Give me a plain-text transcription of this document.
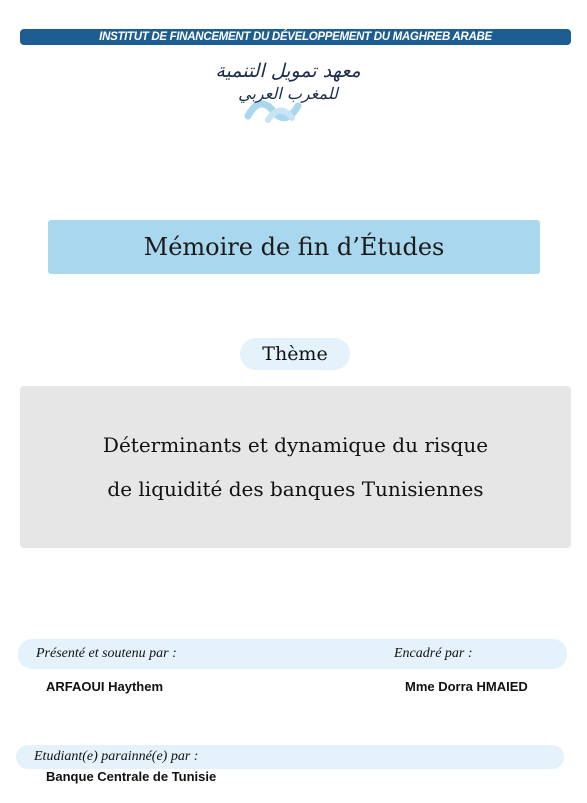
INSTITUT DE FINANCEMENT DU DÉVELOPPEMENT DU MAGHREB ARABE
معهد تمويل التنمية
للمغرب العربي
Mémoire de fin d’Études
Thème
Déterminants et dynamique du risque
de liquidité des banques Tunisiennes
Présenté et soutenu par :	Encadré par :
ARFAOUI Haythem	Mme Dorra HMAIED
Etudiant(e) parainné(e) par :
Banque Centrale de Tunisie
